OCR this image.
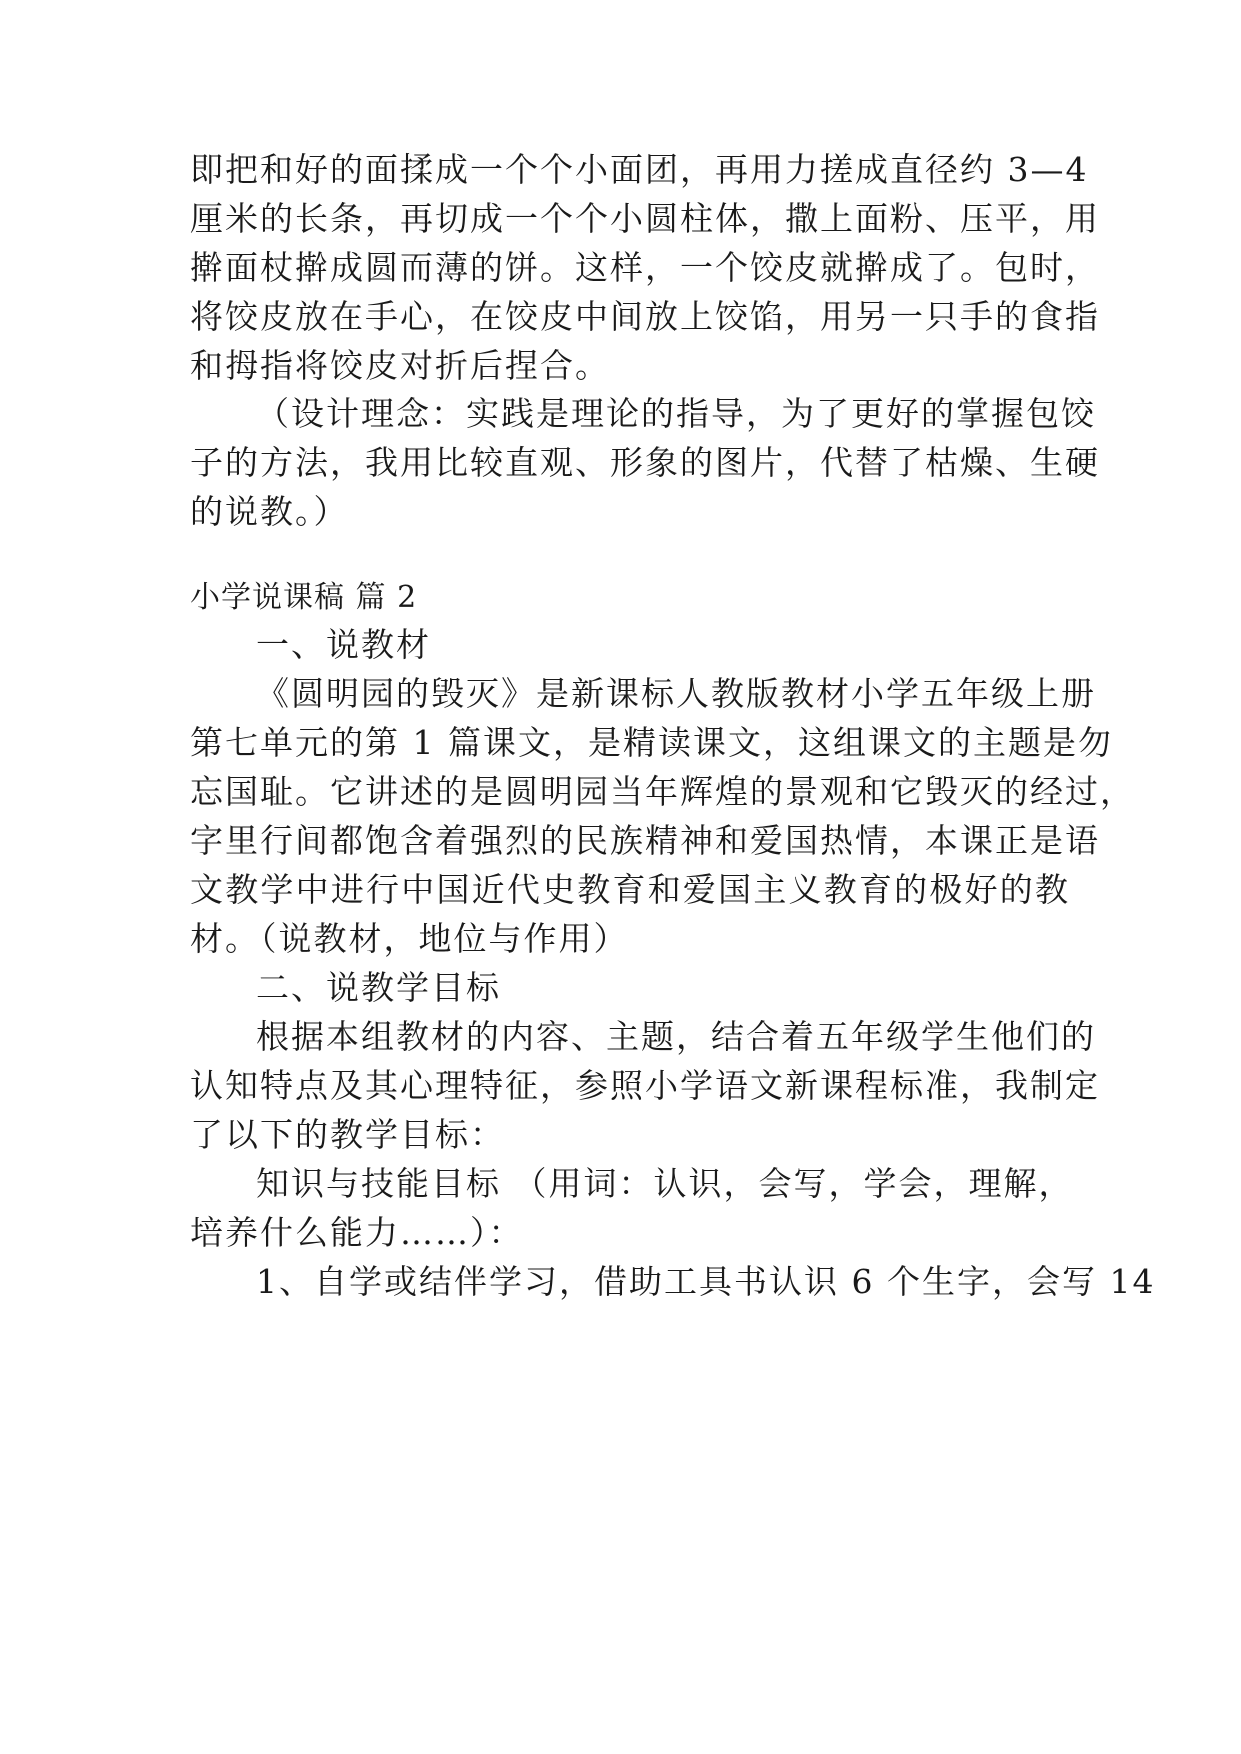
即把和好的面揉成一个个小面团，再用力搓成直径约 3—4
厘米的长条，再切成一个个小圆柱体，撒上面粉、压平，用
擀面杖擀成圆而薄的饼。这样，一个饺皮就擀成了。包时，
将饺皮放在手心，在饺皮中间放上饺馅，用另一只手的食指
和拇指将饺皮对折后捏合。
（设计理念：实践是理论的指导，为了更好的掌握包饺
子的方法，我用比较直观、形象的图片，代替了枯燥、生硬
的说教。）
小学说课稿 篇 2
一、说教材
《圆明园的毁灭》是新课标人教版教材小学五年级上册
第七单元的第 1 篇课文，是精读课文，这组课文的主题是勿
忘国耻。它讲述的是圆明园当年辉煌的景观和它毁灭的经过，
字里行间都饱含着强烈的民族精神和爱国热情，本课正是语
文教学中进行中国近代史教育和爱国主义教育的极好的教
材。（说教材，地位与作用）
二、说教学目标
根据本组教材的内容、主题，结合着五年级学生他们的
认知特点及其心理特征，参照小学语文新课程标准，我制定
了以下的教学目标：
知识与技能目标 （用词：认识，会写，学会，理解，
培养什么能力……）：
1、自学或结伴学习，借助工具书认识 6 个生字，会写 14
